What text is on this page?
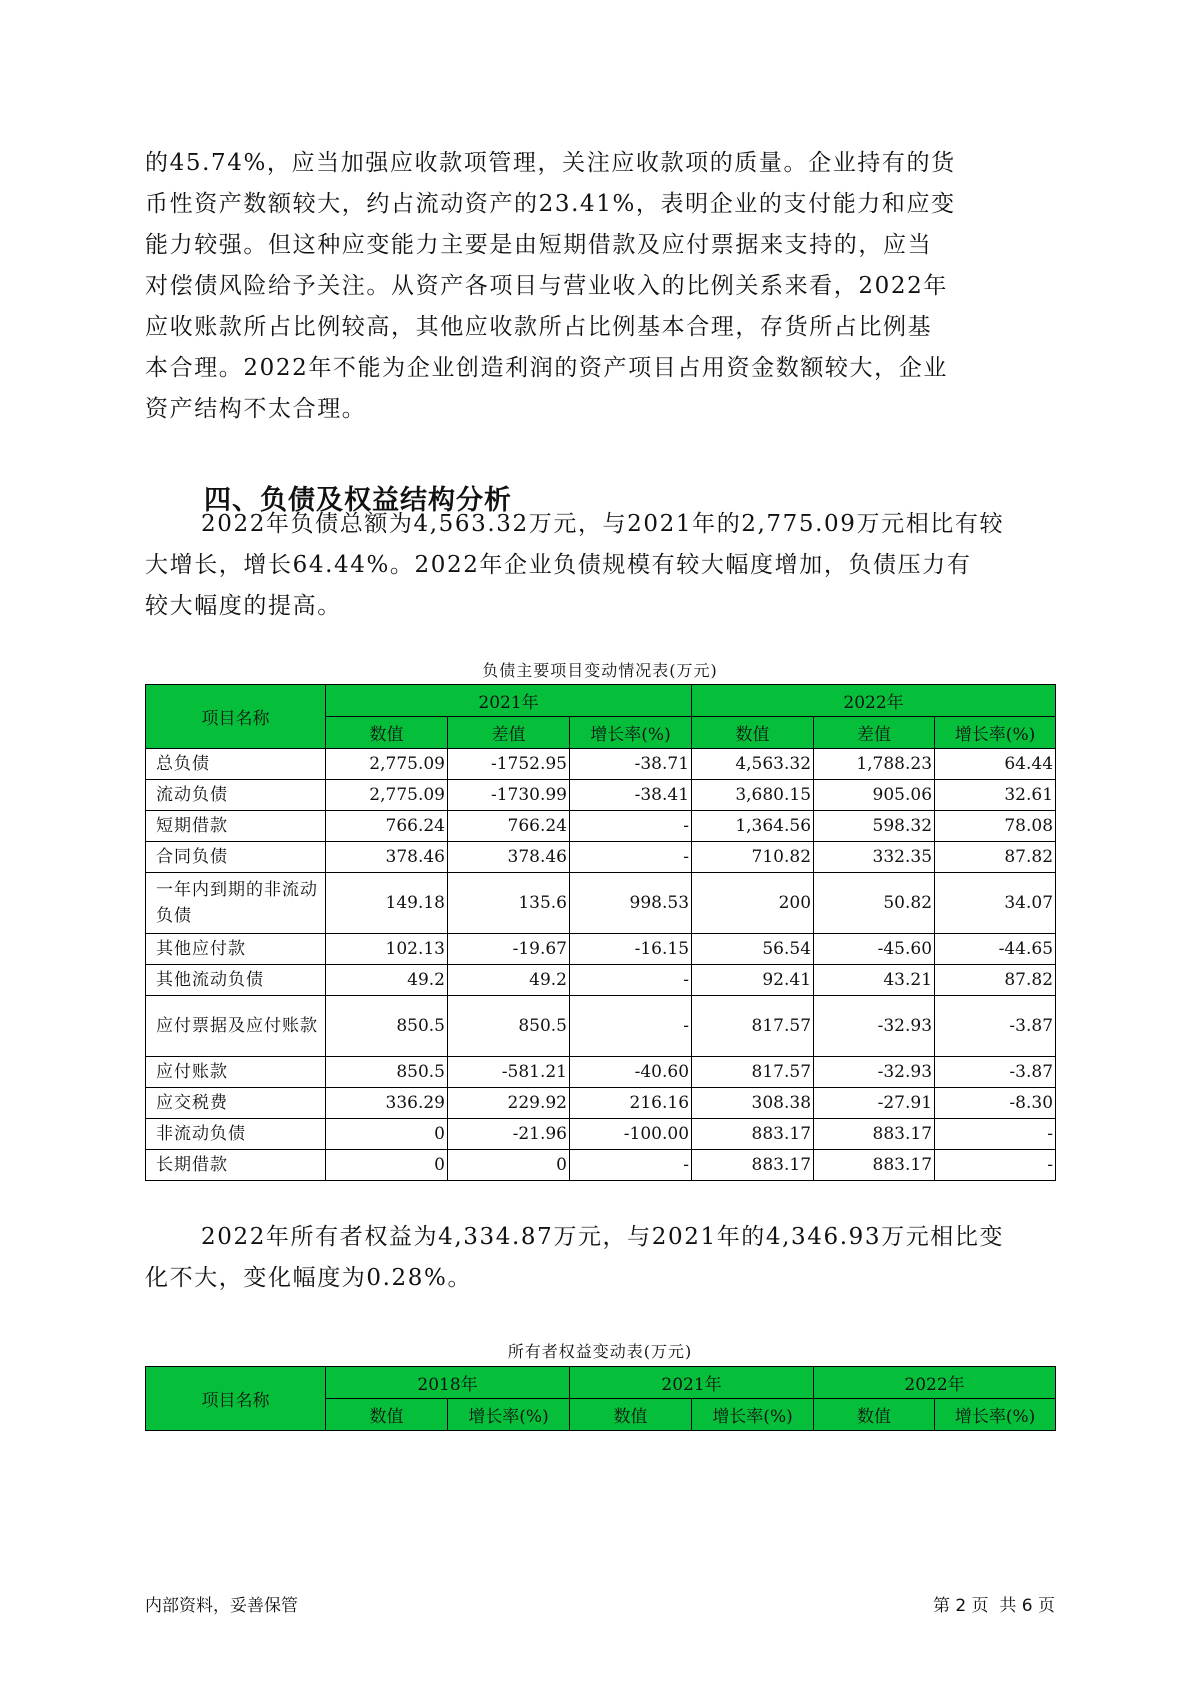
的45.74%，应当加强应收款项管理，关注应收款项的质量。企业持有的货
币性资产数额较大，约占流动资产的23.41%，表明企业的支付能力和应变
能力较强。但这种应变能力主要是由短期借款及应付票据来支持的，应当
对偿债风险给予关注。从资产各项目与营业收入的比例关系来看，2022年
应收账款所占比例较高，其他应收款所占比例基本合理，存货所占比例基
本合理。2022年不能为企业创造利润的资产项目占用资金数额较大，企业
资产结构不太合理。
四、负债及权益结构分析
2022年负债总额为4,563.32万元，与2021年的2,775.09万元相比有较
大增长，增长64.44%。2022年企业负债规模有较大幅度增加，负债压力有
较大幅度的提高。
负债主要项目变动情况表(万元)
项目名称	2021年			2022年		
	数值	差值	增长率(%)	数值	差值	增长率(%)
总负债	2,775.09	-1752.95	-38.71	4,563.32	1,788.23	64.44
流动负债	2,775.09	-1730.99	-38.41	3,680.15	905.06	32.61
短期借款	766.24	766.24	-	1,364.56	598.32	78.08
合同负债	378.46	378.46	-	710.82	332.35	87.82
一年内到期的非流动负债	149.18	135.6	998.53	200	50.82	34.07
其他应付款	102.13	-19.67	-16.15	56.54	-45.60	-44.65
其他流动负债	49.2	49.2	-	92.41	43.21	87.82
应付票据及应付账款	850.5	850.5	-	817.57	-32.93	-3.87
应付账款	850.5	-581.21	-40.60	817.57	-32.93	-3.87
应交税费	336.29	229.92	216.16	308.38	-27.91	-8.30
非流动负债	0	-21.96	-100.00	883.17	883.17	-
长期借款	0	0	-	883.17	883.17	-
2022年所有者权益为4,334.87万元，与2021年的4,346.93万元相比变
化不大，变化幅度为0.28%。
所有者权益变动表(万元)
项目名称	2018年		2021年		2022年	
	数值	增长率(%)	数值	增长率(%)	数值	增长率(%)
内部资料，妥善保管	第 2 页  共 6 页
